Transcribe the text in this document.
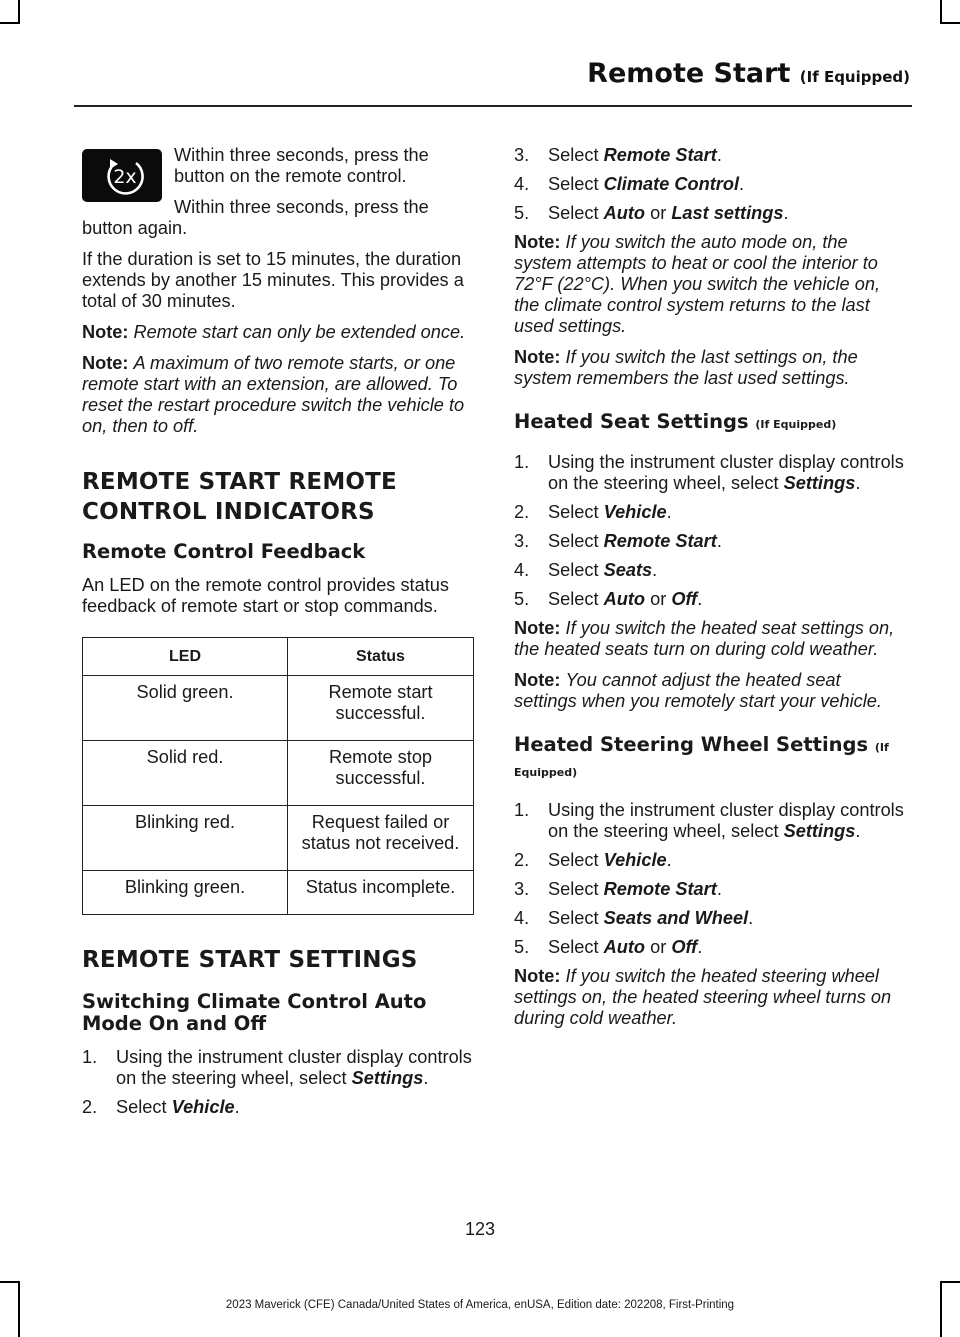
Remote Start (If Equipped)
2x

Within three seconds, press the button on the remote control.

Within three seconds, press the button again.

If the duration is set to 15 minutes, the duration extends by another 15 minutes. This provides a total of 30 minutes.

Note: Remote start can only be extended once.

Note: A maximum of two remote starts, or one remote start with an extension, are allowed. To reset the restart procedure switch the vehicle to on, then to off.

REMOTE START REMOTE
CONTROL INDICATORS
Remote Control Feedback

An LED on the remote control provides status feedback of remote start or stop commands.

LED	Status
Solid green.	Remote start successful.
Solid red.	Remote stop successful.
Blinking red.	Request failed or status not received.
Blinking green.	Status incomplete.
REMOTE START SETTINGS
Switching Climate Control Auto Mode On and Off
1. Using the instrument cluster display controls on the steering wheel, select Settings.
2. Select Vehicle.
3. Select Remote Start.
4. Select Climate Control.
5. Select Auto or Last settings.

Note: If you switch the auto mode on, the system attempts to heat or cool the interior to 72°F (22°C). When you switch the vehicle on, the climate control system returns to the last used settings.

Note: If you switch the last settings on, the system remembers the last used settings.

Heated Seat Settings (If Equipped)
1. Using the instrument cluster display controls on the steering wheel, select Settings.
2. Select Vehicle.
3. Select Remote Start.
4. Select Seats.
5. Select Auto or Off.

Note: If you switch the heated seat settings on, the heated seats turn on during cold weather.

Note: You cannot adjust the heated seat settings when you remotely start your vehicle.

Heated Steering Wheel Settings (If Equipped)
1. Using the instrument cluster display controls on the steering wheel, select Settings.
2. Select Vehicle.
3. Select Remote Start.
4. Select Seats and Wheel.
5. Select Auto or Off.

Note: If you switch the heated steering wheel settings on, the heated steering wheel turns on during cold weather.

123
2023 Maverick (CFE) Canada/United States of America, enUSA, Edition date: 202208, First-Printing
